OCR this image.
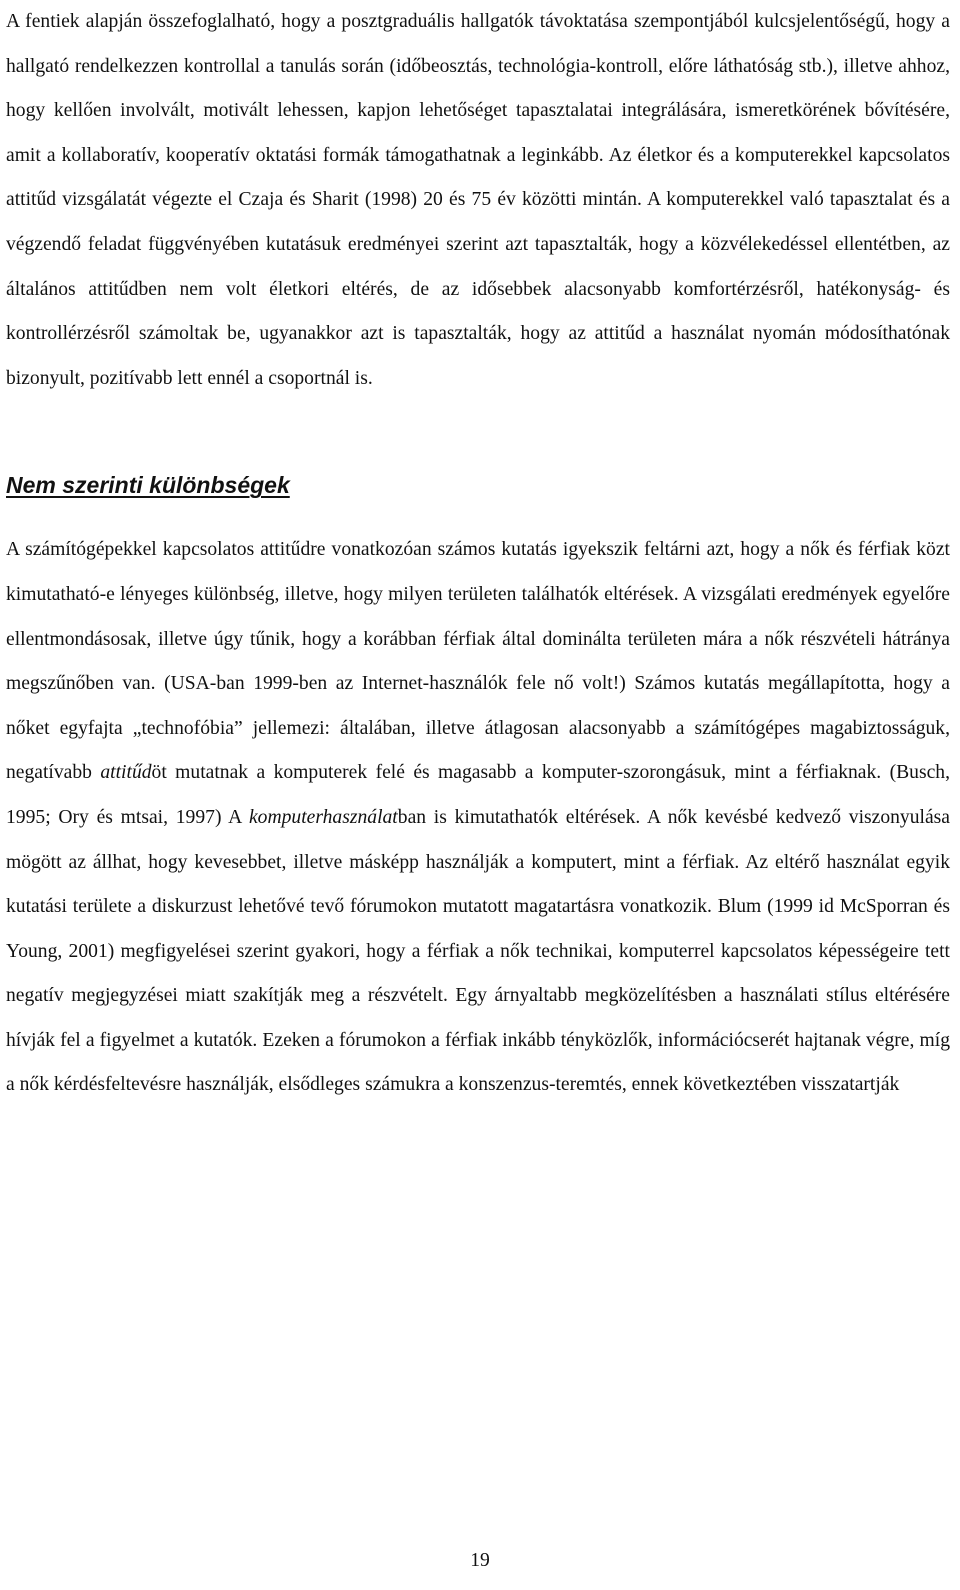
A fentiek alapján összefoglalható, hogy a posztgraduális hallgatók távoktatása szempontjából kulcsjelentőségű, hogy a hallgató rendelkezzen kontrollal a tanulás során (időbeosztás, technológia-kontroll, előre láthatóság stb.), illetve ahhoz, hogy kellően involvált, motivált lehessen, kapjon lehetőséget tapasztalatai integrálására, ismeretkörének bővítésére, amit a kollaboratív, kooperatív oktatási formák támogathatnak a leginkább. Az életkor és a komputerekkel kapcsolatos attitűd vizsgálatát végezte el Czaja és Sharit (1998) 20 és 75 év közötti mintán. A komputerekkel való tapasztalat és a végzendő feladat függvényében kutatásuk eredményei szerint azt tapasztalták, hogy a közvélekedéssel ellentétben, az általános attitűdben nem volt életkori eltérés, de az idősebbek alacsonyabb komfortérzésről, hatékonyság- és kontrollérzésről számoltak be, ugyanakkor azt is tapasztalták, hogy az attitűd a használat nyomán módosíthatónak bizonyult, pozitívabb lett ennél a csoportnál is.

Nem szerinti különbségek

A számítógépekkel kapcsolatos attitűdre vonatkozóan számos kutatás igyekszik feltárni azt, hogy a nők és férfiak közt kimutatható-e lényeges különbség, illetve, hogy milyen területen találhatók eltérések. A vizsgálati eredmények egyelőre ellentmondásosak, illetve úgy tűnik, hogy a korábban férfiak által dominálta területen mára a nők részvételi hátránya megszűnőben van. (USA-ban 1999-ben az Internet-használók fele nő volt!) Számos kutatás megállapította, hogy a nőket egyfajta „technofóbia” jellemezi: általában, illetve átlagosan alacsonyabb a számítógépes magabiztosságuk, negatívabb attitűdöt mutatnak a komputerek felé és magasabb a komputer-szorongásuk, mint a férfiaknak. (Busch, 1995; Ory és mtsai, 1997) A komputerhasználatban is kimutathatók eltérések. A nők kevésbé kedvező viszonyulása mögött az állhat, hogy kevesebbet, illetve másképp használják a komputert, mint a férfiak. Az eltérő használat egyik kutatási területe a diskurzust lehetővé tevő fórumokon mutatott magatartásra vonatkozik. Blum (1999 id McSporran és Young, 2001) megfigyelései szerint gyakori, hogy a férfiak a nők technikai, komputerrel kapcsolatos képességeire tett negatív megjegyzései miatt szakítják meg a részvételt. Egy árnyaltabb megközelítésben a használati stílus eltérésére hívják fel a figyelmet a kutatók. Ezeken a fórumokon a férfiak inkább tényközlők, információcserét hajtanak végre, míg a nők kérdésfeltevésre használják, elsődleges számukra a konszenzus-teremtés, ennek következtében visszatartják

19
